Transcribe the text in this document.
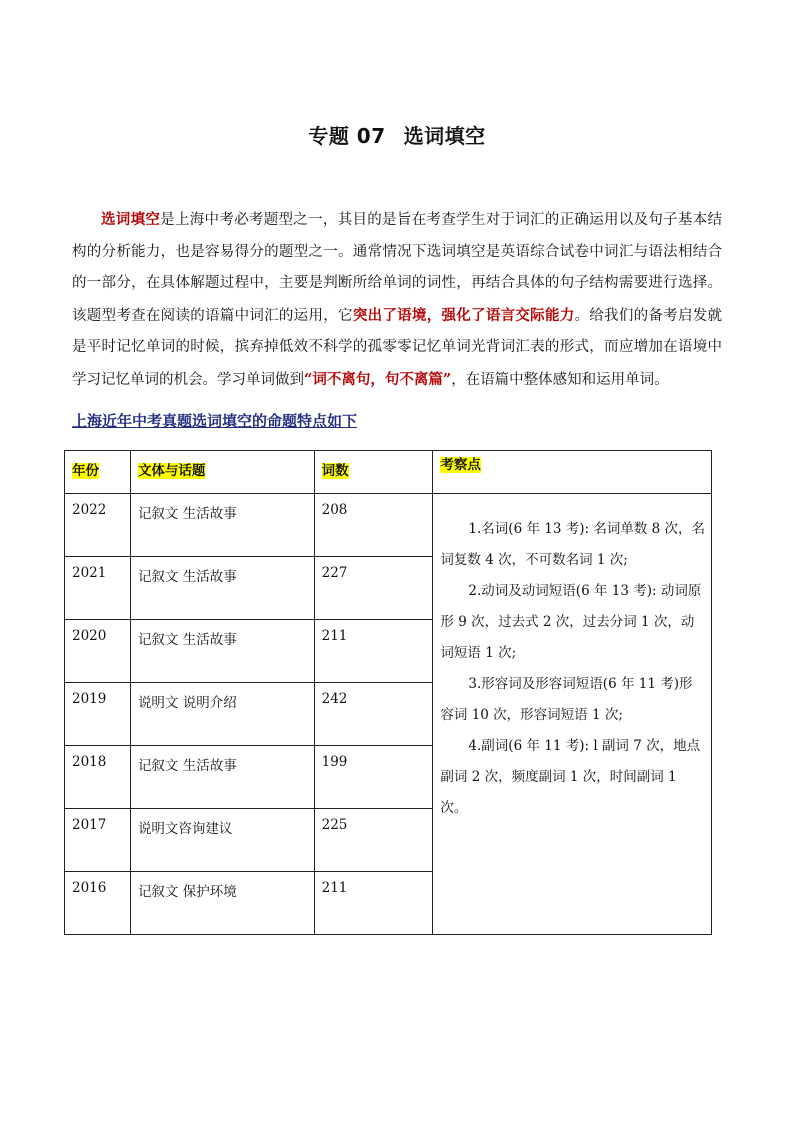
专题 07 选词填空
选词填空是上海中考必考题型之一，其目的是旨在考查学生对于词汇的正确运用以及句子基本结构的分析能力，也是容易得分的题型之一。通常情况下选词填空是英语综合试卷中词汇与语法相结合的一部分，在具体解题过程中，主要是判断所给单词的词性，再结合具体的句子结构需要进行选择。该题型考查在阅读的语篇中词汇的运用，它突出了语境，强化了语言交际能力。给我们的备考启发就是平时记忆单词的时候，摈弃掉低效不科学的孤零零记忆单词光背词汇表的形式，而应增加在语境中学习记忆单词的机会。学习单词做到“词不离句，句不离篇”，在语篇中整体感知和运用单词。
上海近年中考真题选词填空的命题特点如下
年份	文体与话题	词数	考察点

2022	记叙文 生活故事	208	1.名词(6 年 13 考): 名词单数 8 次，名词复数 4 次，不可数名词 1 次;

2.动词及动词短语(6 年 13 考): 动词原形 9 次，过去式 2 次，过去分词 1 次，动词短语 1 次;

3.形容词及形容词短语(6 年 11 考)形容词 10 次，形容词短语 1 次;

4.副词(6 年 11 考): l 副词 7 次，地点副词 2 次，频度副词 1 次，时间副词 1 次。

2021	记叙文 生活故事	227	

2020	记叙文 生活故事	211	

2019	说明文 说明介绍	242	

2018	记叙文 生活故事	199	

2017	说明文咨询建议	225	

2016	记叙文 保护环境	211	
